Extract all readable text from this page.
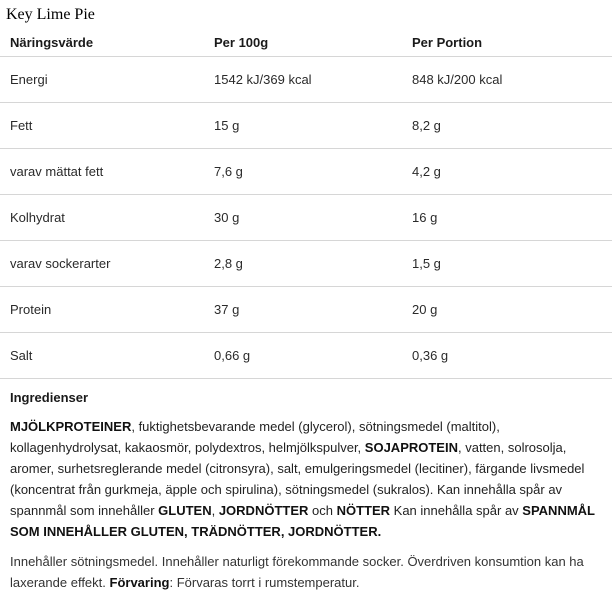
Key Lime Pie
Näringsvärde	Per 100g	Per Portion
Energi	1542 kJ/369 kcal	848 kJ/200 kcal
Fett	15 g	8,2 g
varav mättat fett	7,6 g	4,2 g
Kolhydrat	30 g	16 g
varav sockerarter	2,8 g	1,5 g
Protein	37 g	20 g
Salt	0,66 g	0,36 g
Ingredienser
MJÖLKPROTEINER, fuktighetsbevarande medel (glycerol), sötningsmedel (maltitol), kollagenhydrolysat, kakaosmör, polydextros, helmjölkspulver, SOJAPROTEIN, vatten, solrosolja, aromer, surhetsreglerande medel (citronsyra), salt, emulgeringsmedel (lecitiner), färgande livsmedel (koncentrat från gurkmeja, äpple och spirulina), sötningsmedel (sukralos). Kan innehålla spår av spannmål som innehåller GLUTEN, JORDNÖTTER och NÖTTER Kan innehålla spår av SPANNMÅL SOM INNEHÅLLER GLUTEN, TRÄDNÖTTER, JORDNÖTTER.
Innehåller sötningsmedel. Innehåller naturligt förekommande socker. Överdriven konsumtion kan ha laxerande effekt. Förvaring: Förvaras torrt i rumstemperatur.
